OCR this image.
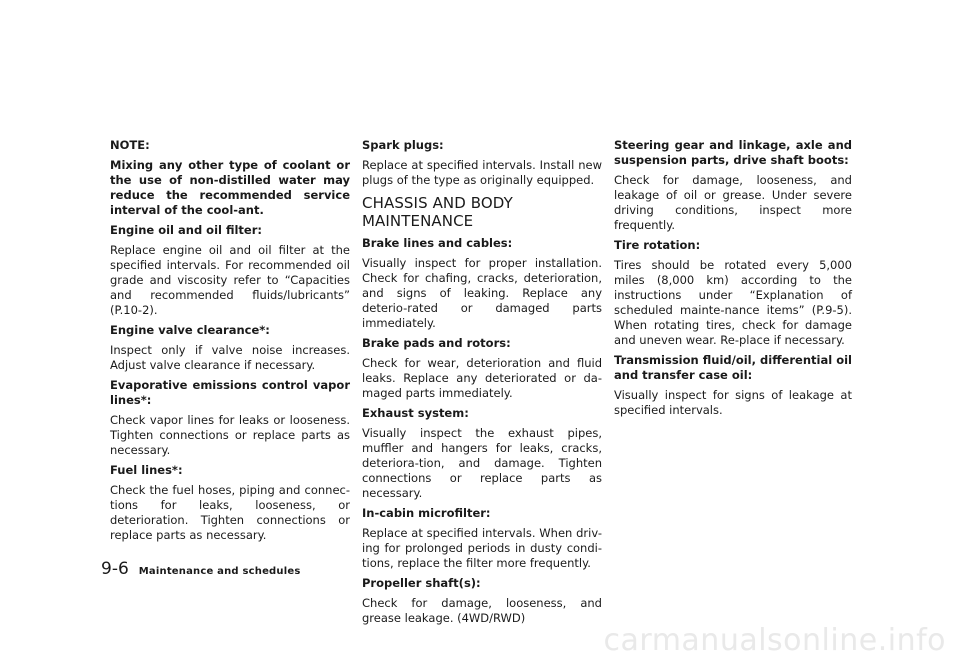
NOTE:

Mixing any other type of coolant or the use of non-distilled water may reduce the recommended service interval of the cool-ant.

Engine oil and oil filter:

Replace engine oil and oil filter at the specified intervals. For recommended oil grade and viscosity refer to “Capacities and recommended fluids/lubricants” (P.10-2).

Engine valve clearance*:

Inspect only if valve noise increases. Adjust valve clearance if necessary.

Evaporative emissions control vapor lines*:

Check vapor lines for leaks or looseness. Tighten connections or replace parts as necessary.

Fuel lines*:

Check the fuel hoses, piping and connec-tions for leaks, looseness, or deterioration. Tighten connections or replace parts as necessary.

Spark plugs:

Replace at specified intervals. Install new plugs of the type as originally equipped.

CHASSIS AND BODY MAINTENANCE

Brake lines and cables:

Visually inspect for proper installation. Check for chafing, cracks, deterioration, and signs of leaking. Replace any deterio-rated or damaged parts immediately.

Brake pads and rotors:

Check for wear, deterioration and fluid leaks. Replace any deteriorated or da-maged parts immediately.

Exhaust system:

Visually inspect the exhaust pipes, muffler and hangers for leaks, cracks, deteriora-tion, and damage. Tighten connections or replace parts as necessary.

In-cabin microfilter:

Replace at specified intervals. When driv-ing for prolonged periods in dusty condi-tions, replace the filter more frequently.

Propeller shaft(s):

Check for damage, looseness, and grease leakage. (4WD/RWD)

Steering gear and linkage, axle and suspension parts, drive shaft boots:

Check for damage, looseness, and leakage of oil or grease. Under severe driving conditions, inspect more frequently.

Tire rotation:

Tires should be rotated every 5,000 miles (8,000 km) according to the instructions under “Explanation of scheduled mainte-nance items” (P.9-5). When rotating tires, check for damage and uneven wear. Re-place if necessary.

Transmission fluid/oil, differential oil and transfer case oil:

Visually inspect for signs of leakage at specified intervals.

9-6 Maintenance and schedules
carmanualsonline.info
